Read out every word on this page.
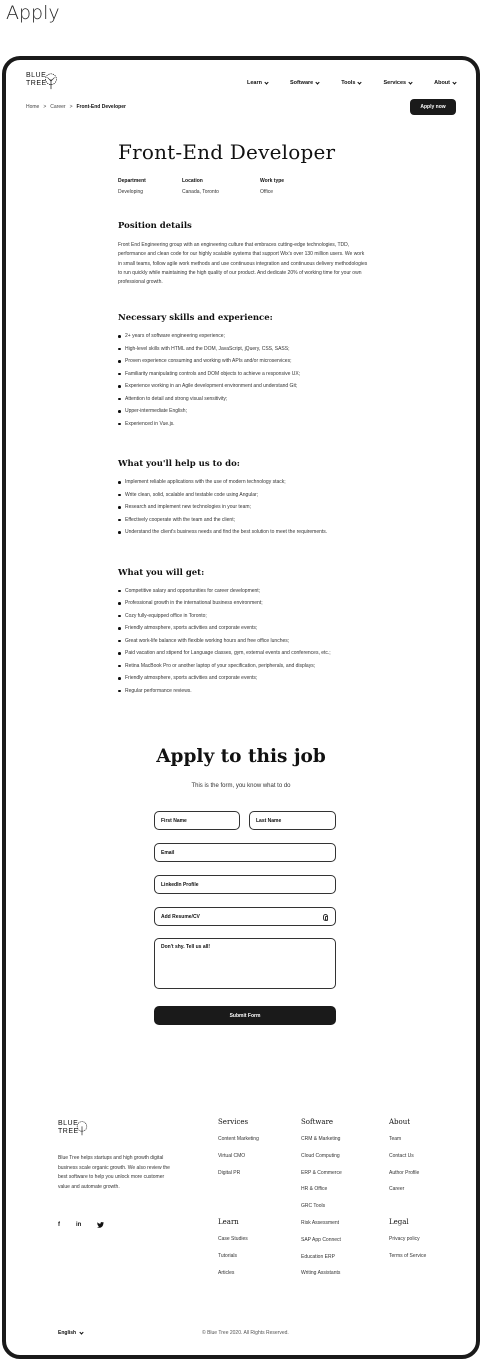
Apply
BLUE
TREE	Learn	Software	Tools	Services	About
Home > Career > Front-End Developer	Apply now
Front-End Developer
Department
Developing
Location
Canada, Toronto
Work type
Office
Position details

Front End Engineering group with an engineering culture that embraces cutting-edge technologies, TDD, performance and clean code for our highly scalable systems that support Wix's over 130 million users. We work in small teams, follow agile work methods and use continuous integration and continuous delivery methodologies to run quickly while maintaining the high quality of our product. And dedicate 20% of working time for your own professional growth.

Necessary skills and experience:
2+ years of software engineering experience;
High-level skills with HTML and the DOM, JavaScript, jQuery, CSS, SASS;
Proven experience consuming and working with APIs and/or microservices;
Familiarity manipulating controls and DOM objects to achieve a responsive UX;
Experience working in an Agile development environment and understand Git;
Attention to detail and strong visual sensitivity;
Upper-intermediate English;
Experienced in Vue.js.
What you'll help us to do:
Implement reliable applications with the use of modern technology stack;
Write clean, solid, scalable and testable code using Angular;
Research and implement new technologies in your team;
Effectively cooperate with the team and the client;
Understand the client's business needs and find the best solution to meet the requirements.
What you will get:
Competitive salary and opportunities for career development;
Professional growth in the international business environment;
Cozy fully-equipped office in Toronto;
Friendly atmosphere, sports activities and corporate events;
Great work-life balance with flexible working hours and free office lunches;
Paid vacation and stipend for Language classes, gym, external events and conferences, etc.;
Retina MacBook Pro or another laptop of your specification, peripherals, and displays;
Friendly atmosphere, sports activities and corporate events;
Regular performance reviews.
Apply to this job

This is the form, you know what to do

First Name	Last Name
Email
LinkedIn Profile
Add Resume/CV
Don't shy. Tell us all!
Submit Form
BLUE
TREE

Blue Tree helps startups and high growth digital business scale organic growth. We also review the best software to help you unlock more customer value and automate growth.

f	in
Services
Content Marketing
Virtual CMO
Digital PR
Learn
Case Studies
Tutorials
Articles
Software
CRM & Marketing
Cloud Computing
ERP & Commerce
HR & Office
GRC Tools
Risk Assessment
SAP App Connect
Education ERP
Writing Assistants
About
Team
Contact Us
Author Profile
Career
Legal
Privacy policy
Terms of Service
English	© Blue Tree 2020. All Rights Reserved.
